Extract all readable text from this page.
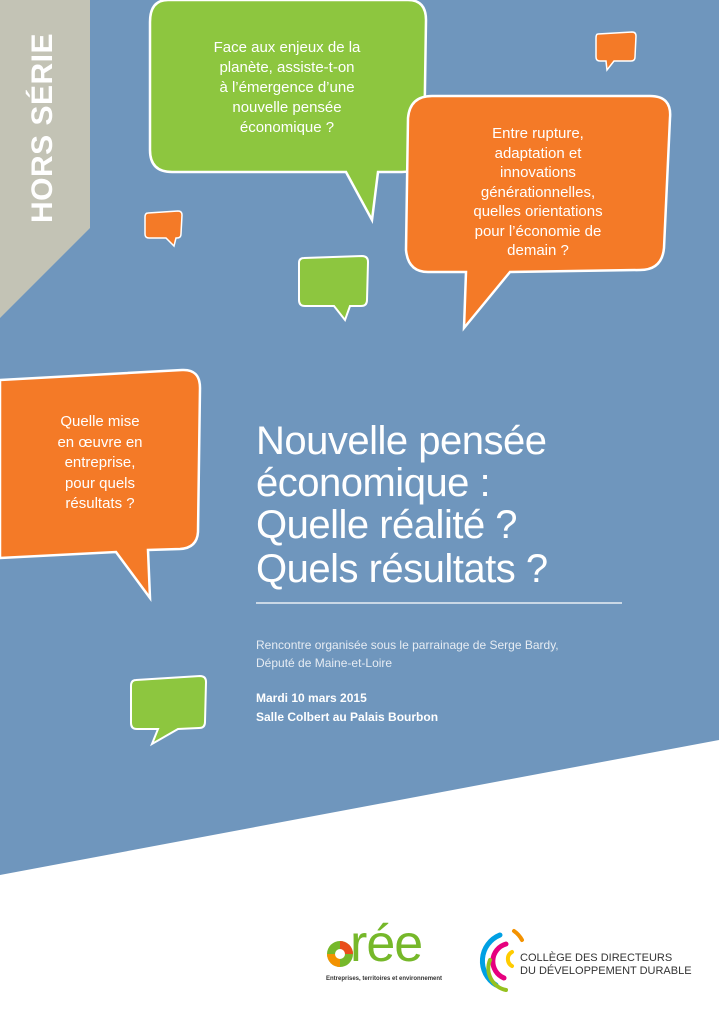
HORS SÉRIE	Face aux enjeux de la
planète, assiste-t-on
à l’émergence d’une
nouvelle pensée
économique ?	Entre rupture,
adaptation et
innovations
générationnelles,
quelles orientations
pour l’économie de
demain ?
Quelle mise
en œuvre en
entreprise,
pour quels
résultats ?
Nouvelle pensée
économique :
Quelle réalité ?
Quels résultats ?
Rencontre organisée sous le parrainage de Serge Bardy,
Député de Maine-et-Loire
Mardi 10 mars 2015
Salle Colbert au Palais Bourbon
rée
Entreprises, territoires et environnement
COLLÈGE DES DIRECTEURS
DU DÉVELOPPEMENT DURABLE
